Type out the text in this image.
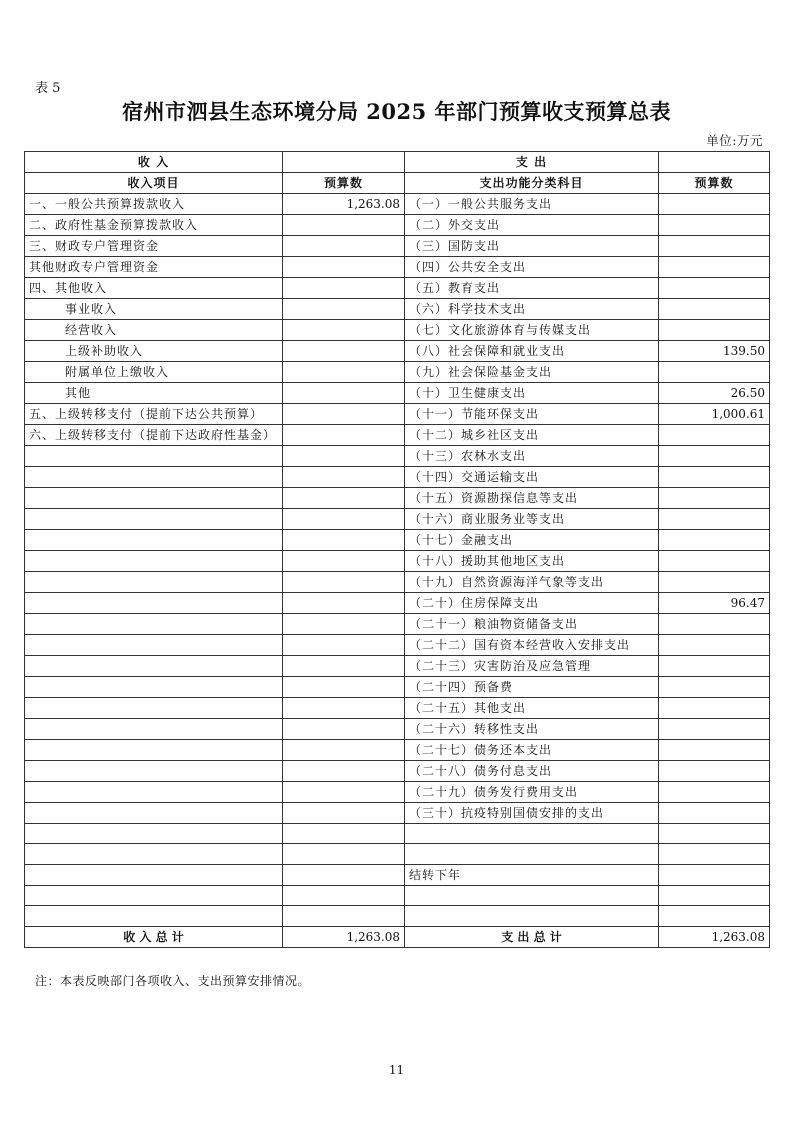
表 5
宿州市泗县生态环境分局 2025 年部门预算收支预算总表
单位:万元
收 入		支 出	
收入项目	预算数	支出功能分类科目	预算数
一、一般公共预算拨款收入	1,263.08	（一）一般公共服务支出	
二、政府性基金预算拨款收入		（二）外交支出	
三、财政专户管理资金		（三）国防支出	
其他财政专户管理资金		（四）公共安全支出	
四、其他收入		（五）教育支出	
事业收入		（六）科学技术支出	
经营收入		（七）文化旅游体育与传媒支出	
上级补助收入		（八）社会保障和就业支出	139.50
附属单位上缴收入		（九）社会保险基金支出	
其他		（十）卫生健康支出	26.50
五、上级转移支付（提前下达公共预算）		（十一）节能环保支出	1,000.61
六、上级转移支付（提前下达政府性基金）		（十二）城乡社区支出	
		（十三）农林水支出	
		（十四）交通运输支出	
		（十五）资源勘探信息等支出	
		（十六）商业服务业等支出	
		（十七）金融支出	
		（十八）援助其他地区支出	
		（十九）自然资源海洋气象等支出	
		（二十）住房保障支出	96.47
		（二十一）粮油物资储备支出	
		（二十二）国有资本经营收入安排支出	
		（二十三）灾害防治及应急管理	
		（二十四）预备费	
		（二十五）其他支出	
		（二十六）转移性支出	
		（二十七）债务还本支出	
		（二十八）债务付息支出	
		（二十九）债务发行费用支出	
		（三十）抗疫特别国债安排的支出	

		结转下年	

收 入 总 计	1,263.08	支 出 总 计	1,263.08
注：本表反映部门各项收入、支出预算安排情况。
11
